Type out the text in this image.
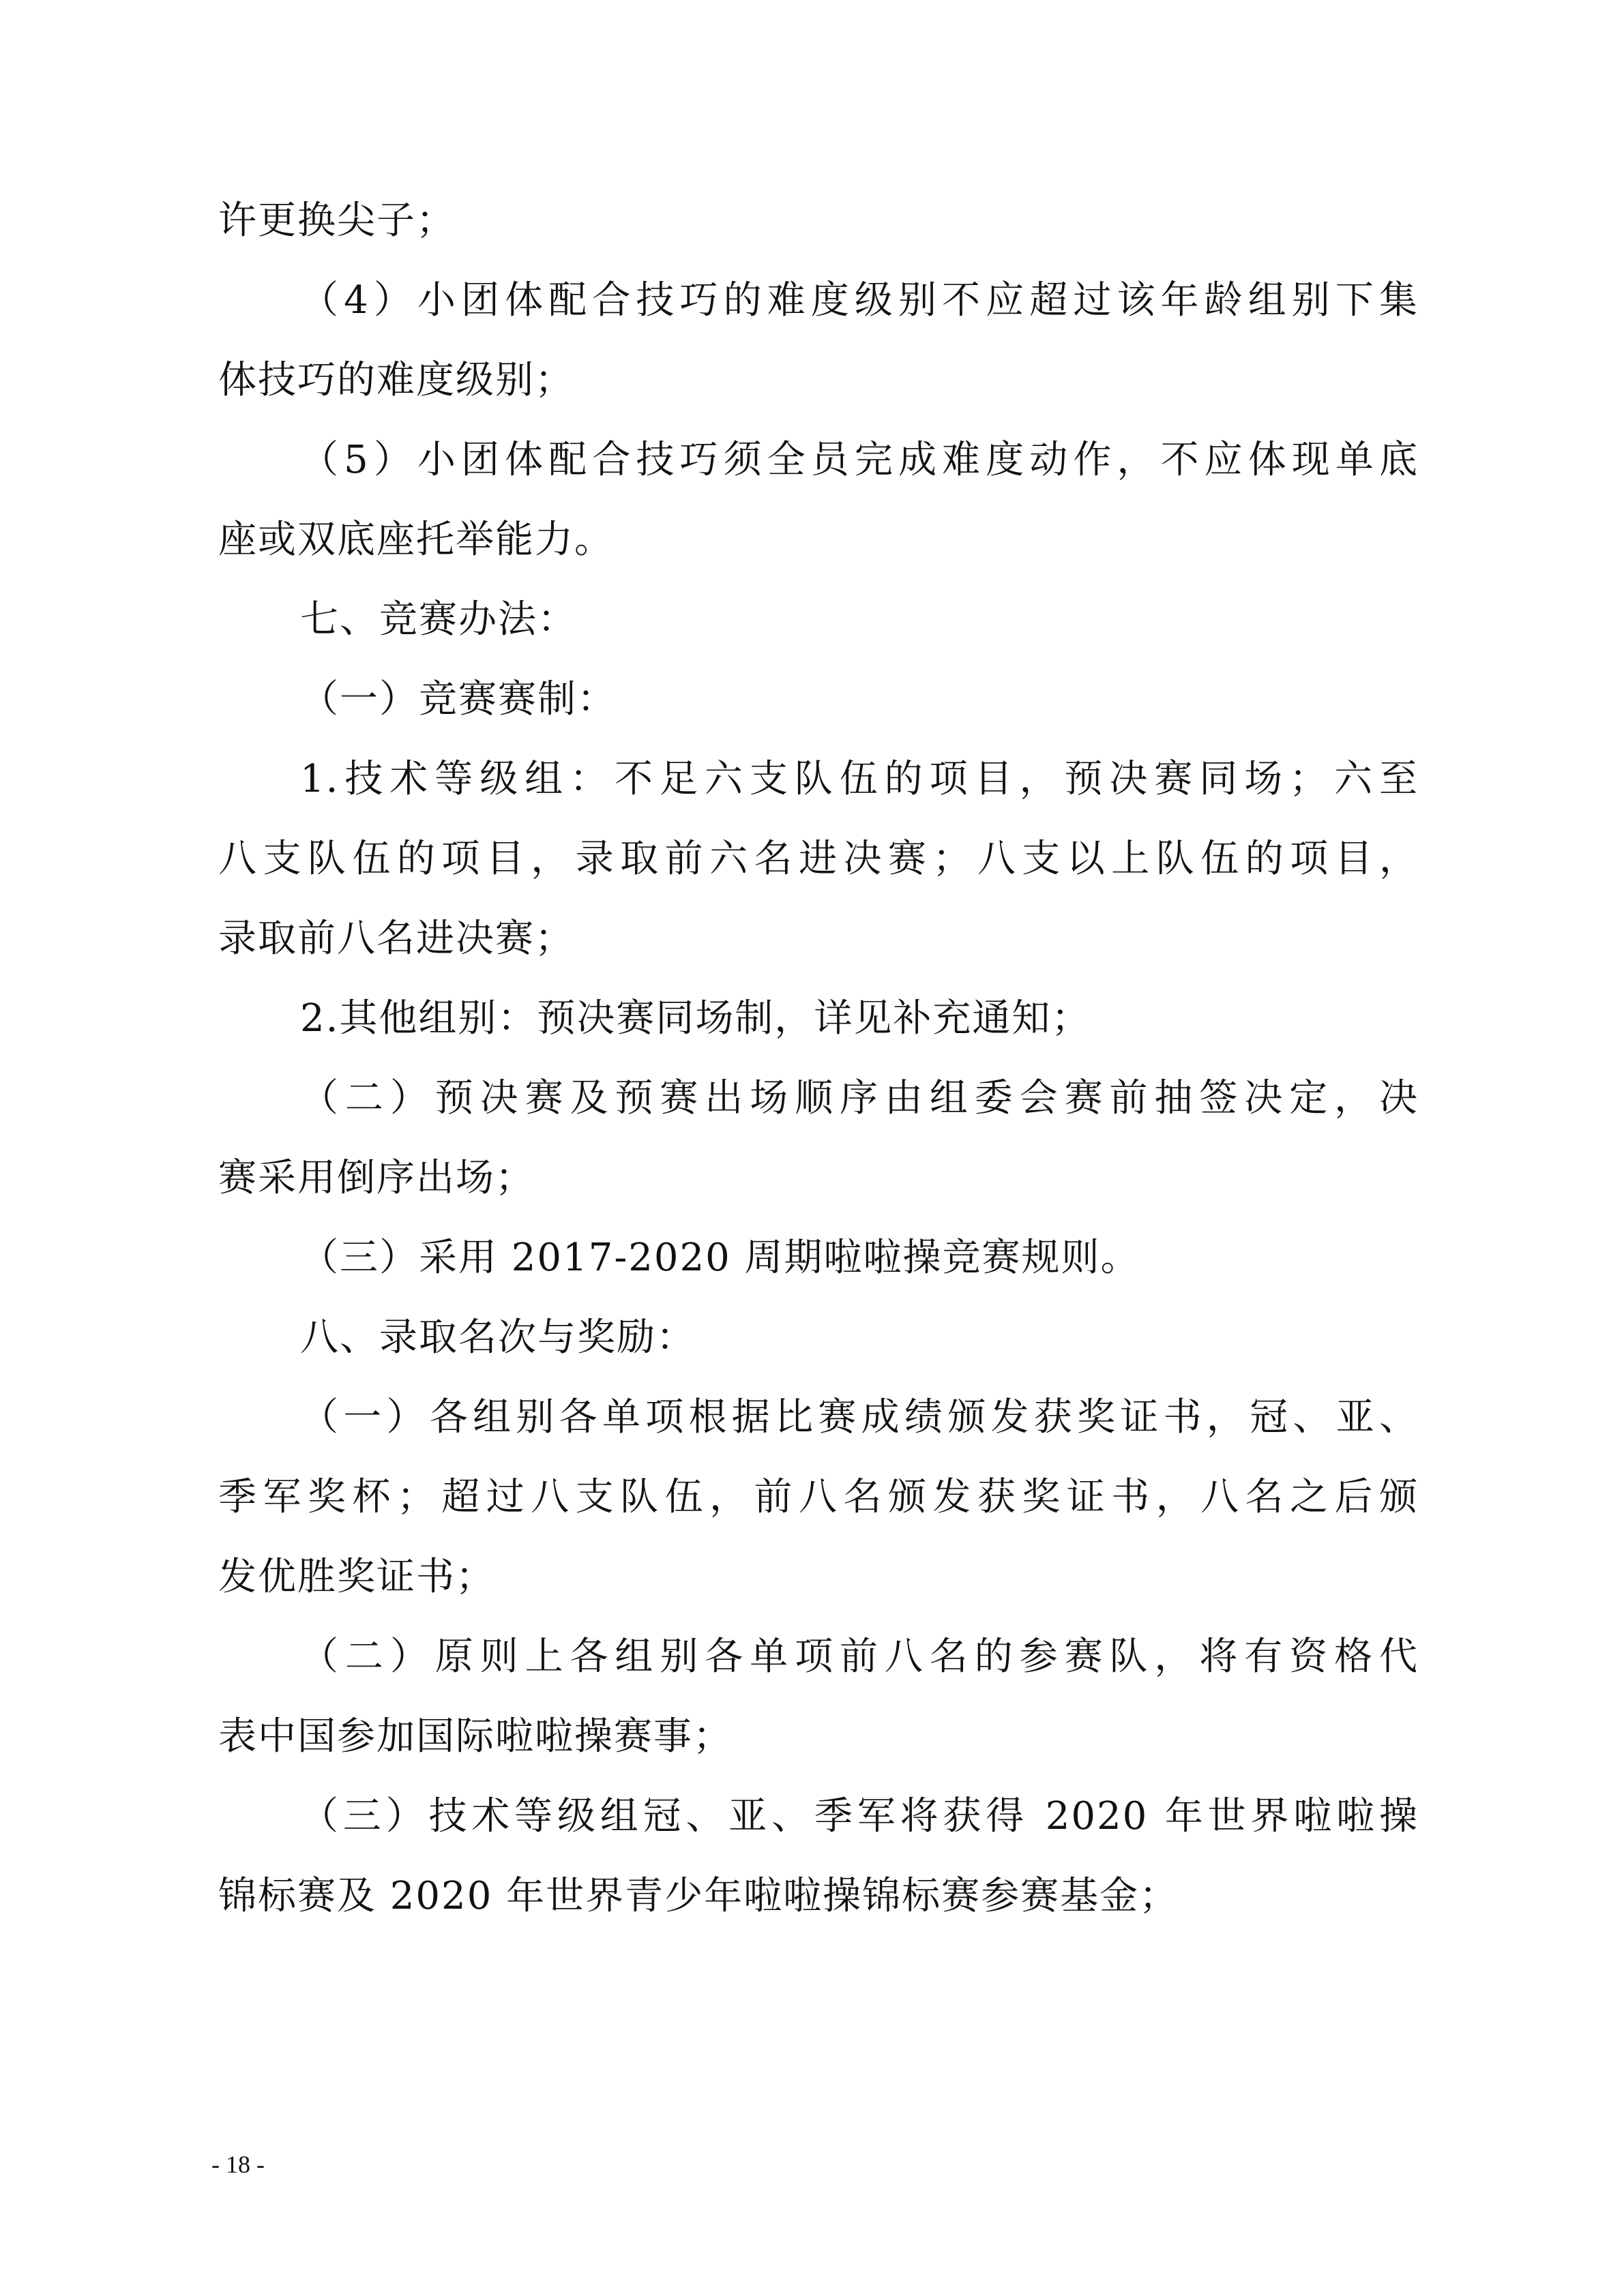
许更换尖子；
（4）小团体配合技巧的难度级别不应超过该年龄组别下集
体技巧的难度级别；
（5）小团体配合技巧须全员完成难度动作，不应体现单底
座或双底座托举能力。
七、竞赛办法：
（一）竞赛赛制：
1.技术等级组：不足六支队伍的项目，预决赛同场；六至
八支队伍的项目，录取前六名进决赛；八支以上队伍的项目，
录取前八名进决赛；
2.其他组别：预决赛同场制，详见补充通知；
（二）预决赛及预赛出场顺序由组委会赛前抽签决定，决
赛采用倒序出场；
（三）采用 2017-2020 周期啦啦操竞赛规则。
八、录取名次与奖励：
（一）各组别各单项根据比赛成绩颁发获奖证书，冠、亚、
季军奖杯；超过八支队伍，前八名颁发获奖证书，八名之后颁
发优胜奖证书；
（二）原则上各组别各单项前八名的参赛队，将有资格代
表中国参加国际啦啦操赛事；
（三）技术等级组冠、亚、季军将获得 2020 年世界啦啦操
锦标赛及 2020 年世界青少年啦啦操锦标赛参赛基金；
- 18 -
